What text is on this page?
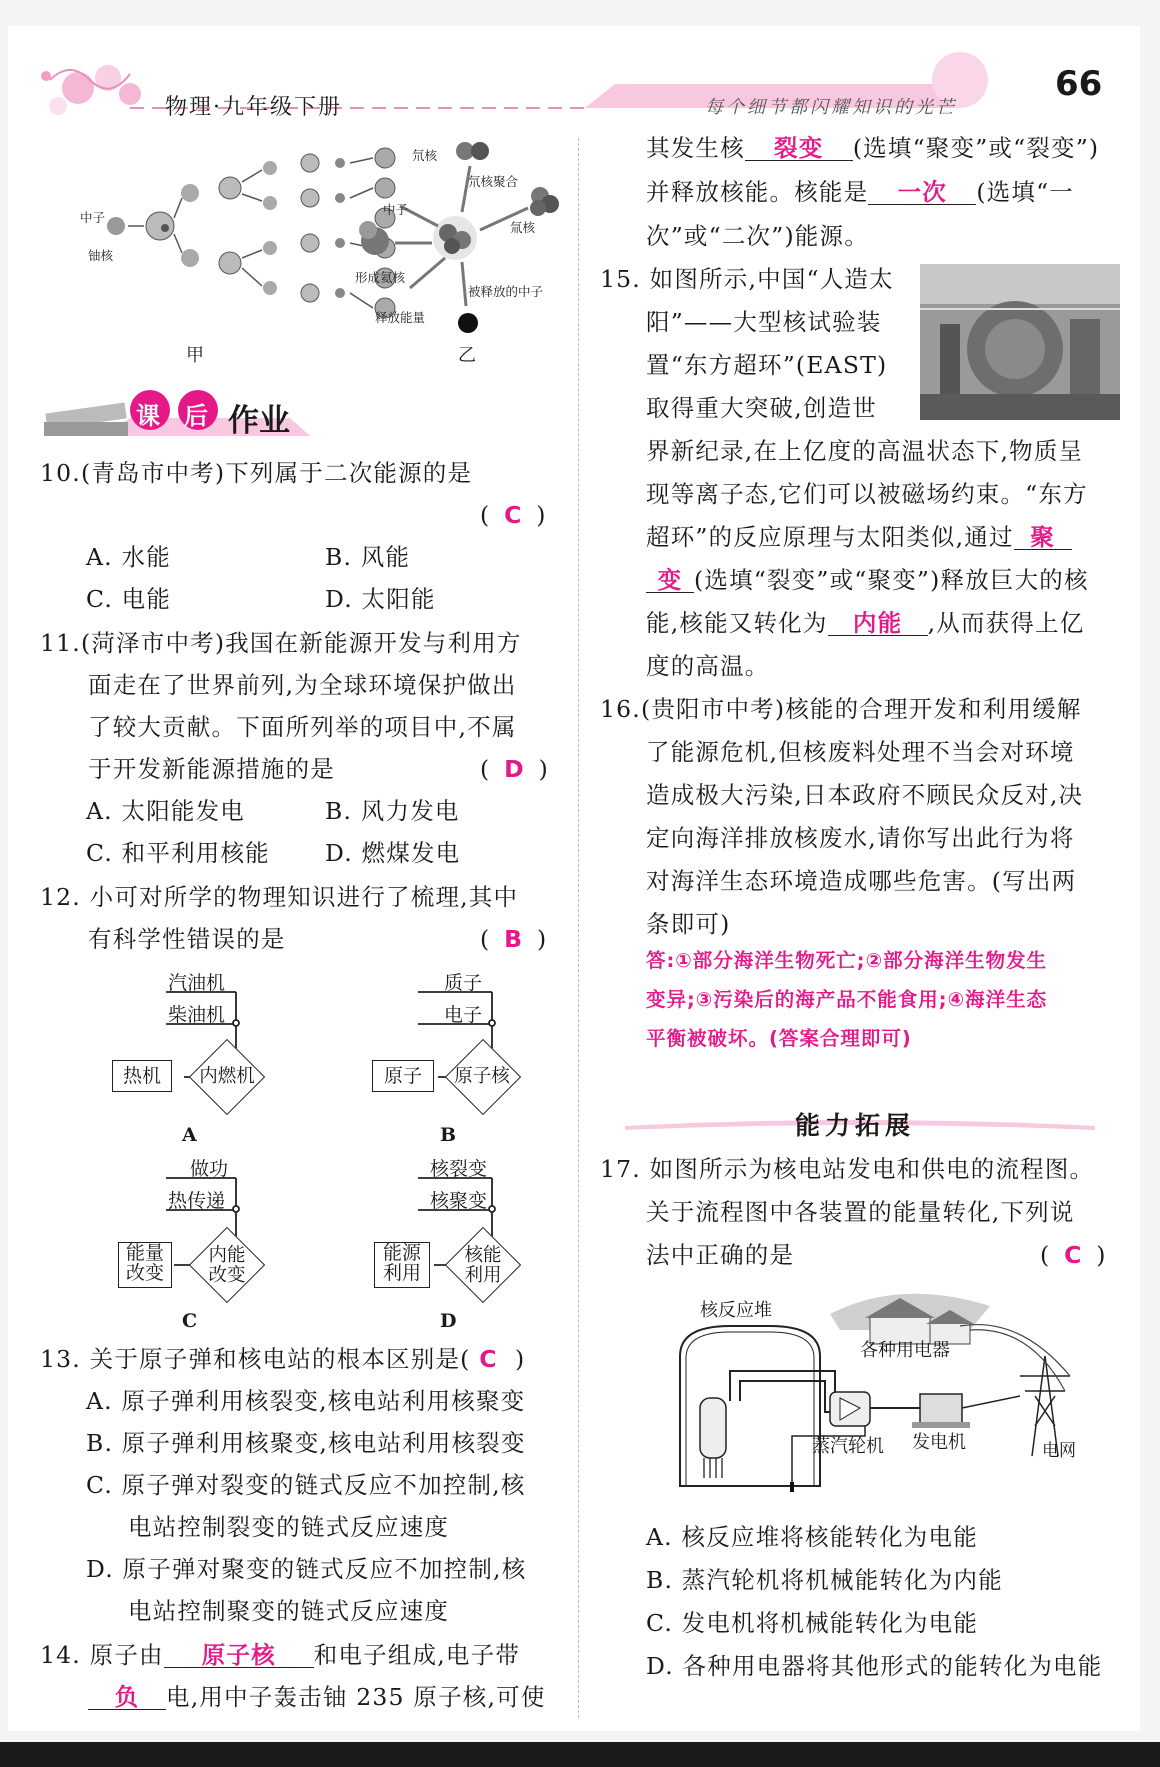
物理·九年级下册	每个细节都闪耀知识的光芒
66
中子
铀核
氘核
氘核聚合
中子
氚核
形成氦核
释放能量
被释放的中子
甲	乙
课 后 作业
10.(青岛市中考)下列属于二次能源的是
(  C  )
A. 水能	B. 风能
C. 电能	D. 太阳能
11.(菏泽市中考)我国在新能源开发与利用方
面走在了世界前列,为全球环境保护做出
了较大贡献。下面所列举的项目中,不属
于开发新能源措施的是	(  D  )
A. 太阳能发电	B. 风力发电
C. 和平利用核能 D. 燃煤发电
12. 小可对所学的物理知识进行了梳理,其中
有科学性错误的是	(  B  )
汽油机
柴油机
热机	内燃机
A
质子
电子
原子	原子核
B
做功
热传递
能量
改变
内能
改变
C
核裂变
核聚变
能源
利用
核能
利用
D
13. 关于原子弹和核电站的根本区别是( C  )
A. 原子弹利用核裂变,核电站利用核聚变
B. 原子弹利用核聚变,核电站利用核裂变
C. 原子弹对裂变的链式反应不加控制,核
电站控制裂变的链式反应速度
D. 原子弹对聚变的链式反应不加控制,核
电站控制聚变的链式反应速度
14. 原子由 原子核 和电子组成,电子带
负 电,用中子轰击铀 235 原子核,可使
其发生核 裂变 (选填“聚变”或“裂变”)
并释放核能。核能是 一次 (选填“一
次”或“二次”)能源。
15. 如图所示,中国“人造太
阳”——大型核试验装
置“东方超环”(EAST)
取得重大突破,创造世
界新纪录,在上亿度的高温状态下,物质呈
现等离子态,它们可以被磁场约束。“东方
超环”的反应原理与太阳类似,通过 聚
变 (选填“裂变”或“聚变”)释放巨大的核
能,核能又转化为 内能 ,从而获得上亿
度的高温。
16.(贵阳市中考)核能的合理开发和利用缓解
了能源危机,但核废料处理不当会对环境
造成极大污染,日本政府不顾民众反对,决
定向海洋排放核废水,请你写出此行为将
对海洋生态环境造成哪些危害。(写出两
条即可)
答:①部分海洋生物死亡;②部分海洋生物发生
变异;③污染后的海产品不能食用;④海洋生态
平衡被破坏。(答案合理即可)
能力拓展
17. 如图所示为核电站发电和供电的流程图。
关于流程图中各装置的能量转化,下列说
法中正确的是	(  C  )
核反应堆
各种用电器
蒸汽轮机 发电机	电网
A. 核反应堆将核能转化为电能
B. 蒸汽轮机将机械能转化为内能
C. 发电机将机械能转化为电能
D. 各种用电器将其他形式的能转化为电能
